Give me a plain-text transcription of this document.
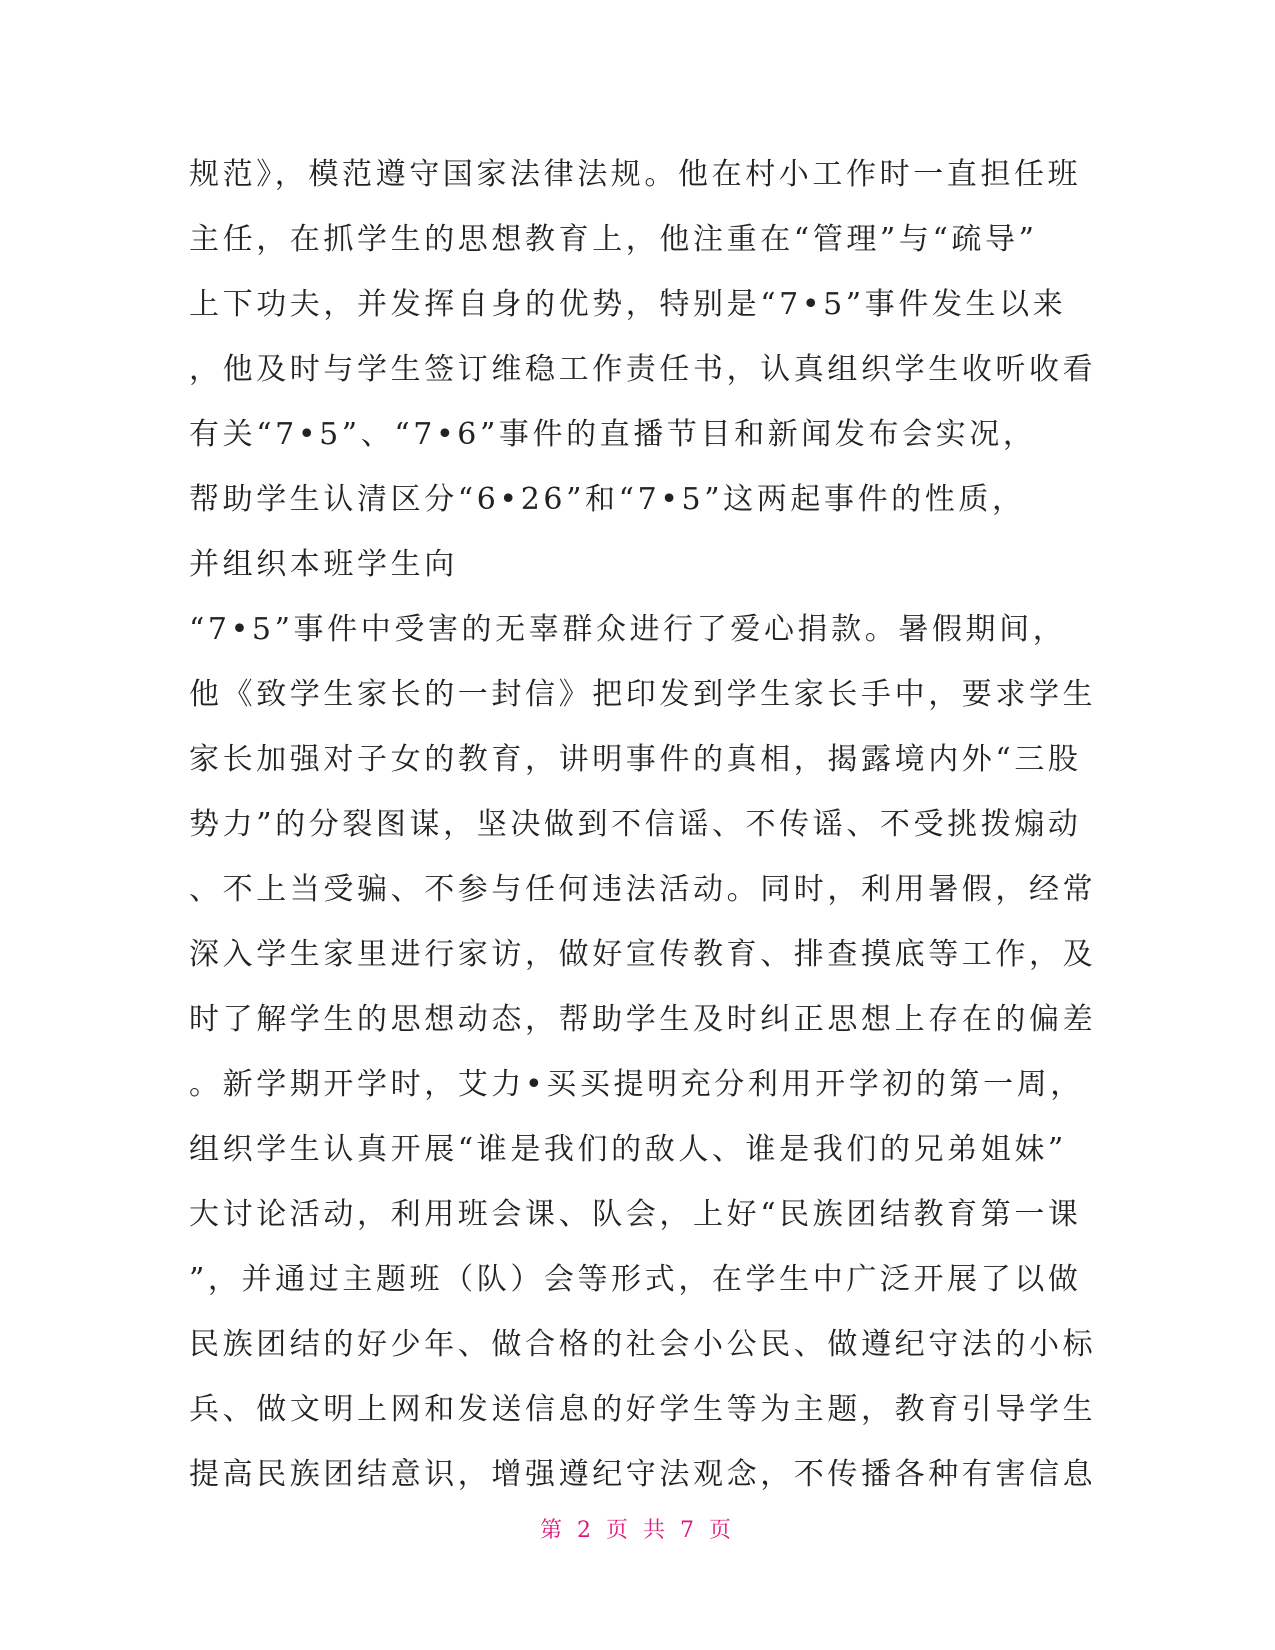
规范》，模范遵守国家法律法规。他在村小工作时一直担任班
主任，在抓学生的思想教育上，他注重在“管理”与“疏导”
上下功夫，并发挥自身的优势，特别是“7•5”事件发生以来
，他及时与学生签订维稳工作责任书，认真组织学生收听收看
有关“7•5”、“7•6”事件的直播节目和新闻发布会实况，
帮助学生认清区分“6•26”和“7•5”这两起事件的性质，
并组织本班学生向
“7•5”事件中受害的无辜群众进行了爱心捐款。暑假期间，
他《致学生家长的一封信》把印发到学生家长手中，要求学生
家长加强对子女的教育，讲明事件的真相，揭露境内外“三股
势力”的分裂图谋，坚决做到不信谣、不传谣、不受挑拨煽动
、不上当受骗、不参与任何违法活动。同时，利用暑假，经常
深入学生家里进行家访，做好宣传教育、排查摸底等工作，及
时了解学生的思想动态，帮助学生及时纠正思想上存在的偏差
。新学期开学时，艾力•买买提明充分利用开学初的第一周，
组织学生认真开展“谁是我们的敌人、谁是我们的兄弟姐妹”
大讨论活动，利用班会课、队会，上好“民族团结教育第一课
”，并通过主题班（队）会等形式，在学生中广泛开展了以做
民族团结的好少年、做合格的社会小公民、做遵纪守法的小标
兵、做文明上网和发送信息的好学生等为主题，教育引导学生
提高民族团结意识，增强遵纪守法观念，不传播各种有害信息
第 2 页 共 7 页
